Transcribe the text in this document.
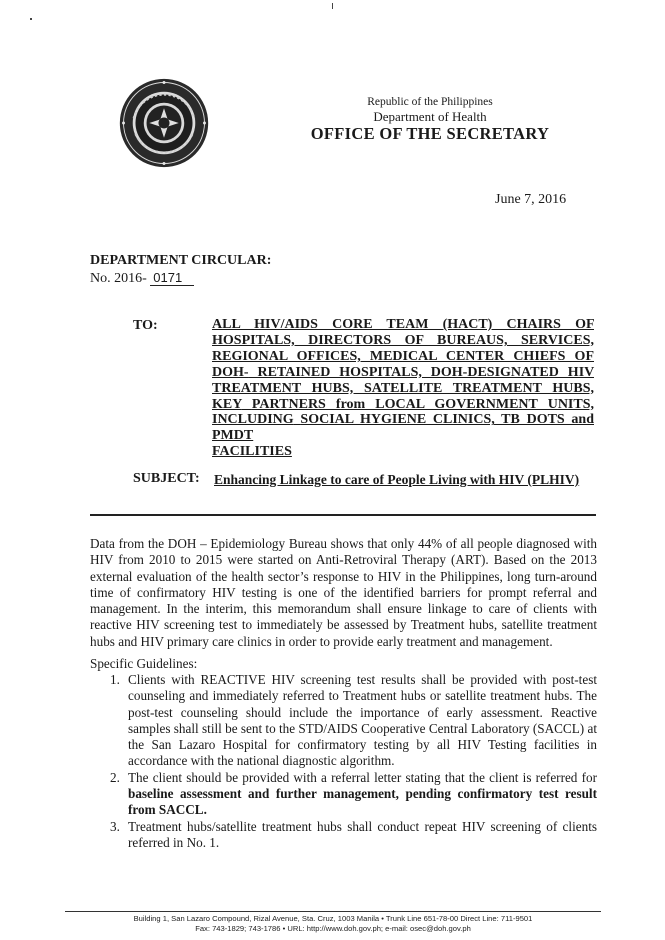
Republic of the Philippines
Department of Health
OFFICE OF THE SECRETARY
June 7, 2016
DEPARTMENT CIRCULAR:
No. 2016- 0171
TO:	ALL HIV/AIDS CORE TEAM (HACT) CHAIRS OF HOSPITALS, DIRECTORS OF BUREAUS, SERVICES, REGIONAL OFFICES, MEDICAL CENTER CHIEFS OF DOH- RETAINED HOSPITALS, DOH-DESIGNATED HIV TREATMENT HUBS, SATELLITE TREATMENT HUBS, KEY PARTNERS from LOCAL GOVERNMENT UNITS, INCLUDING SOCIAL HYGIENE CLINICS, TB DOTS and PMDT
FACILITIES
SUBJECT: Enhancing Linkage to care of People Living with HIV (PLHIV)
Data from the DOH – Epidemiology Bureau shows that only 44% of all people diagnosed with HIV from 2010 to 2015 were started on Anti-Retroviral Therapy (ART). Based on the 2013 external evaluation of the health sector’s response to HIV in the Philippines, long turn-around time of confirmatory HIV testing is one of the identified barriers for prompt referral and management. In the interim, this memorandum shall ensure linkage to care of clients with reactive HIV screening test to immediately be assessed by Treatment hubs, satellite treatment hubs and HIV primary care clinics in order to provide early treatment and management.
Specific Guidelines:
1. Clients with REACTIVE HIV screening test results shall be provided with post-test counseling and immediately referred to Treatment hubs or satellite treatment hubs. The post-test counseling should include the importance of early assessment. Reactive samples shall still be sent to the STD/AIDS Cooperative Central Laboratory (SACCL) at the San Lazaro Hospital for confirmatory testing by all HIV Testing facilities in accordance with the national diagnostic algorithm.
2. The client should be provided with a referral letter stating that the client is referred for baseline assessment and further management, pending confirmatory test result from SACCL.
3. Treatment hubs/satellite treatment hubs shall conduct repeat HIV screening of clients referred in No. 1.
Building 1, San Lazaro Compound, Rizal Avenue, Sta. Cruz, 1003 Manila • Trunk Line 651-78-00 Direct Line: 711-9501
Fax: 743-1829; 743-1786 • URL: http://www.doh.gov.ph; e-mail: osec@doh.gov.ph
